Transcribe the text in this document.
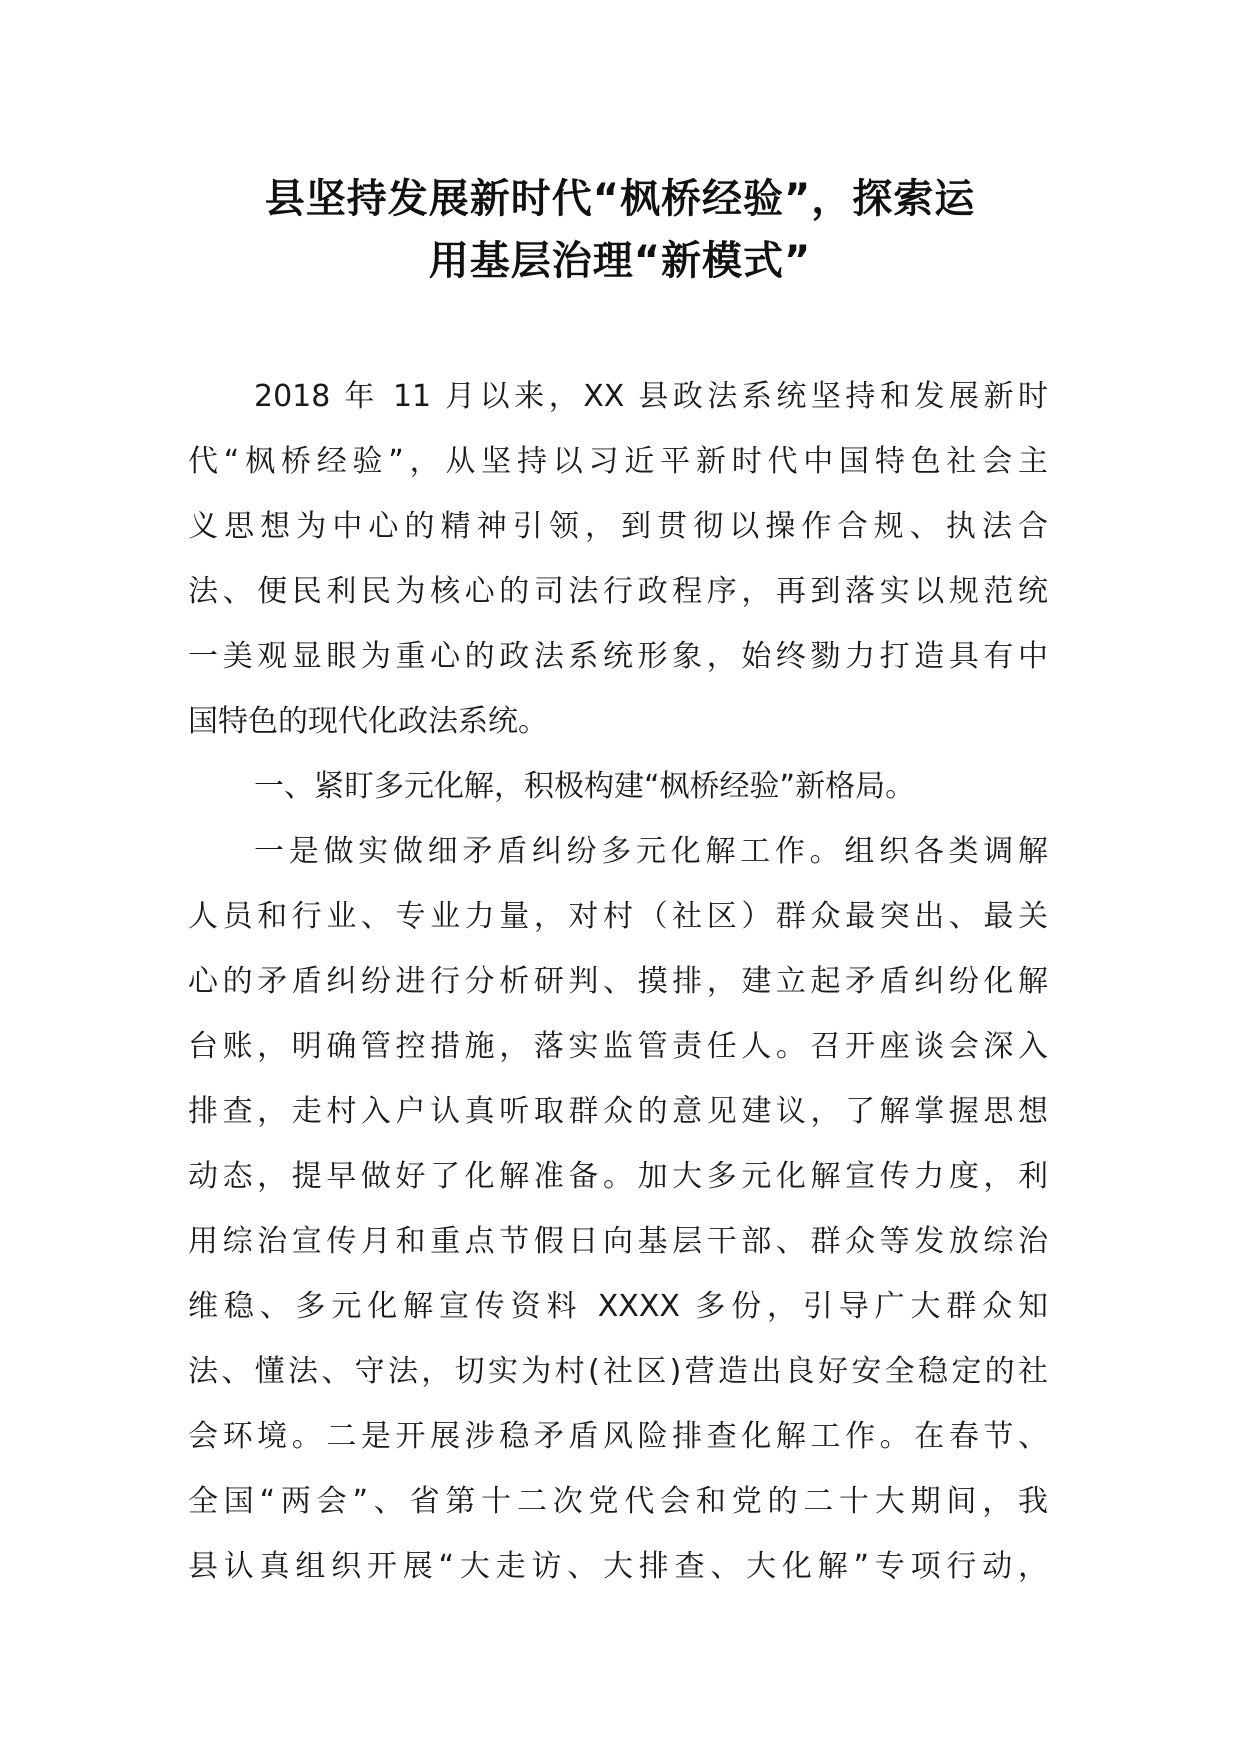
县坚持发展新时代“枫桥经验”，探索运
用基层治理“新模式”
2018 年 11 月以来，XX 县政法系统坚持和发展新时
代“枫桥经验”，从坚持以习近平新时代中国特色社会主
义思想为中心的精神引领，到贯彻以操作合规、执法合
法、便民利民为核心的司法行政程序，再到落实以规范统
一美观显眼为重心的政法系统形象，始终勠力打造具有中
国特色的现代化政法系统。
一、紧盯多元化解，积极构建“枫桥经验”新格局。
一是做实做细矛盾纠纷多元化解工作。组织各类调解
人员和行业、专业力量，对村（社区）群众最突出、最关
心的矛盾纠纷进行分析研判、摸排，建立起矛盾纠纷化解
台账，明确管控措施，落实监管责任人。召开座谈会深入
排查，走村入户认真听取群众的意见建议，了解掌握思想
动态，提早做好了化解准备。加大多元化解宣传力度，利
用综治宣传月和重点节假日向基层干部、群众等发放综治
维稳、多元化解宣传资料 XXXX 多份，引导广大群众知
法、懂法、守法，切实为村(社区)营造出良好安全稳定的社
会环境。二是开展涉稳矛盾风险排查化解工作。在春节、
全国“两会”、省第十二次党代会和党的二十大期间，我
县认真组织开展“大走访、大排查、大化解”专项行动，
